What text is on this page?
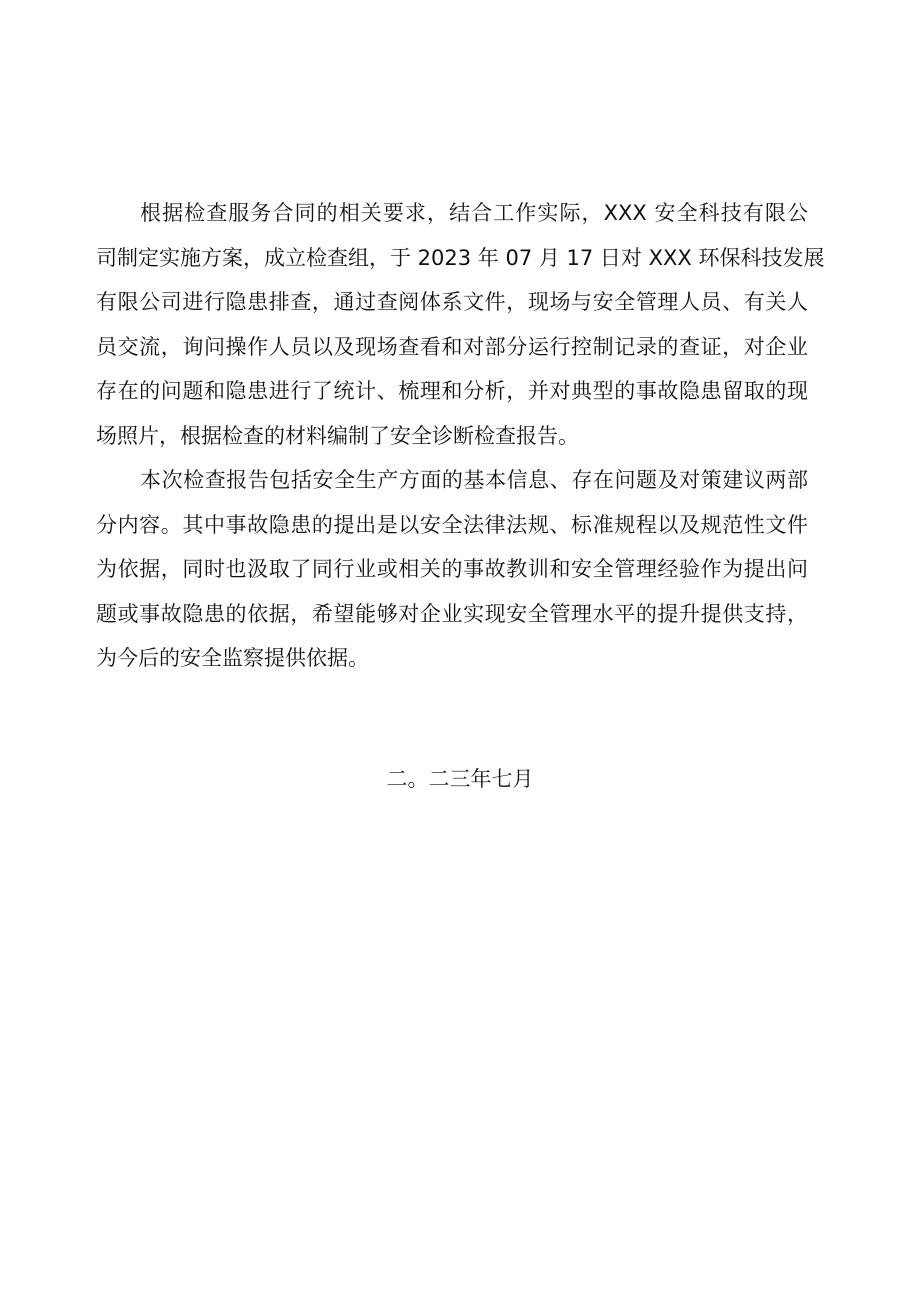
根据检查服务合同的相关要求，结合工作实际，XXX 安全科技有限公
司制定实施方案，成立检查组，于 2023 年 07 月 17 日对 XXX 环保科技发展
有限公司进行隐患排查，通过查阅体系文件，现场与安全管理人员、有关人
员交流，询问操作人员以及现场查看和对部分运行控制记录的查证，对企业
存在的问题和隐患进行了统计、梳理和分析，并对典型的事故隐患留取的现
场照片，根据检查的材料编制了安全诊断检查报告。
本次检查报告包括安全生产方面的基本信息、存在问题及对策建议两部
分内容。其中事故隐患的提出是以安全法律法规、标准规程以及规范性文件
为依据，同时也汲取了同行业或相关的事故教训和安全管理经验作为提出问
题或事故隐患的依据，希望能够对企业实现安全管理水平的提升提供支持，
为今后的安全监察提供依据。
二。二三年七月
